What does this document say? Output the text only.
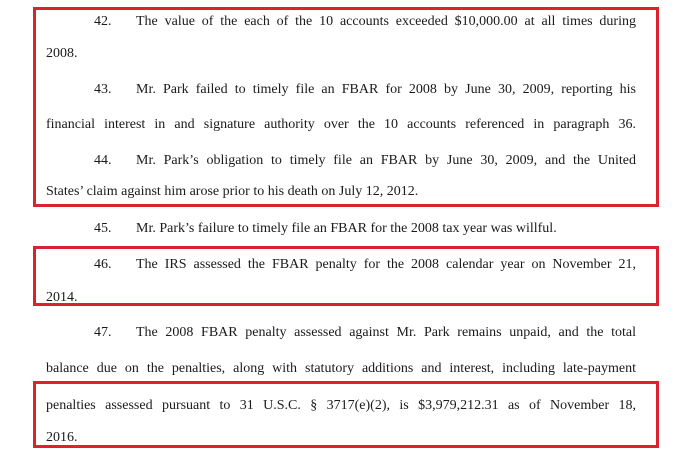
42. The value of the each of the 10 accounts exceeded $10,000.00 at all times during
2008.
43. Mr. Park failed to timely file an FBAR for 2008 by June 30, 2009, reporting his
financial interest in and signature authority over the 10 accounts referenced in paragraph 36.
44. Mr. Park’s obligation to timely file an FBAR by June 30, 2009, and the United
States’ claim against him arose prior to his death on July 12, 2012.
45. Mr. Park’s failure to timely file an FBAR for the 2008 tax year was willful.
46. The IRS assessed the FBAR penalty for the 2008 calendar year on November 21,
2014.
47. The 2008 FBAR penalty assessed against Mr. Park remains unpaid, and the total
balance due on the penalties, along with statutory additions and interest, including late-payment
penalties assessed pursuant to 31 U.S.C. § 3717(e)(2), is $3,979,212.31 as of November 18,
2016.
